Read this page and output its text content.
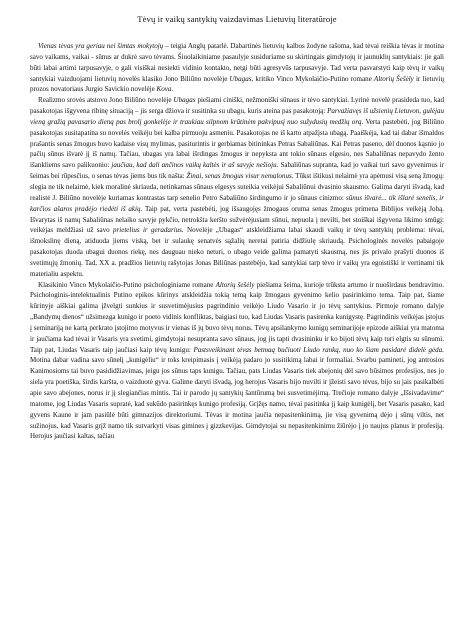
Tėvų ir vaikų santykių vaizdavimas Lietuvių literatūroje

Vienas tėvas yra geriau nei šimtas mokytojų – teigia Anglų patarlė. Dabartinės lietuvių kalbos žodyne rašoma, kad tėvai reiškia tėvas ir motina savo vaikams, vaikai - sūnus ar dukrė savo tėvams. Šiuolaikiniame pasaulyje susiduriame su skirtingais gimdytojų ir jaunuklių santykiais: jie gali būti labai artimi tarpusavyje, o gali visiškai nesiekti vidinio kontakto, netgi būti agresyvūs tarpusavyje. Tad verta pasvarstyti kaip tėvų ir vaikų santykiai vaizduojami lietuvių novelės klasiko Jono Biliūno novelėje Ubagas, kritiko Vinco Mykolaičio-Putino romane Altorių Šešėly ir lietuvių prozos novatoriaus Jurgio Savickio novelėje Kova.

Realizmo srovės atstovo Jono Biliūno novelėje Ubagas piešiami ciniški, nežmoniški sūnaus ir tėvo santykiai. Lyrinė novelė prasideda tuo, kad pasakotojas išgyvena ribinę situaciją – jis serga džiova ir susitinka su ubagu, kuris ateina pas pasakotoją: Parvažiavęs iš užsienių Lietuvon, gulėjau vieną gražią pavasario dieną pas brolį gonkelėje ir traukiau silpnom krūtinėm pakvipusį nuo sužydusių medžių orą. Verta pastebėti, jog Biliūno pasakotojas susitapatina su novelės veikėju bei kalba pirmuoju asmeniu. Pasakotojas ne iš karto atpažįsta ubagą. Paaiškėja, kad tai dabar išmaldos prašantis senas žmogus buvo kadaise visų mylimas, pasiturintis ir gerbiamas bitininkas Petras Sabaliūnas. Kai Petras paseno, dėl duonos kąsnio jo pačių sūnus išvarė jį iš namų. Tačiau, ubagas yra labai išrdingas žmogus ir nepyksta ant tokio sūnaus elgesio, nes Sabaliūnas nepavydo žento išankliems savo palikuonio: jaučiau, kad dali ančinos vaikų kaltės ir aš savyje nešioju. Sabaliūnas supranta, kad jo vaikai turi savo gyvenimus ir šeimas bei rūpesčius, o senas tėvas jiems bus tik našta: Žinai, senas žmogus visur nemalonus. Tūkst ištikusi nelaimė yra apėmusi visą seną žmogų: slegia ne tik nelaimė, kiek moralinė skriauda, netinkamas sūnaus elgesys suteikia veikėjui Sabaliūnui dvasinio skausmo. Galima daryti išvadą, kad realistė J. Biliūno novelėje kuriamas kontrastas tarp senelio Petro Sabaliūno širdingumo ir jo sūnaus cinizmo: sūnus išvarė... tik išlarė senelis, ir karčios ašaros pradėjo riedėti iš akių. Taip pat, verta pastebėti, jog išsaugojęs žmogaus oruma senas žmogus primena Biblijos veikėją Jobą. Išvarytas iš namų Sabaliūnas nelaiko savyje pykčio, netrokšta keršto sužvėrėjusiam sūnui, nepuola į nevilti, bet stoiškai išgyvena likimo smūgį: veikėjas meldžiasi už savo prietelius ir geradarius. Novelėje „Ubagas“ atskleidžiama labai skaudi vaikų ir tėvų santykių problema: tėvai, išmokslinę dieną, atiduoda jiems viską, bet ir sulaukę senatvės sąžalių neretai patiria didžiulę skriaudą. Psichologinės novelės pabaigoje pasakotojas duoda ubagui duonos riekę, nes dauguau nieko neturi, o ubago veide galima pamatyti skausmą, nes jis privalo prašyti duonos iš svetimųjų žmonių. Tad, XX a. pradžios lietuvių rašytojas Jonas Biliūnas pastebėjo, kad santykiai tarp tėvo ir vaikų yra egoistiški ir vertinami tik materialiu aspektu.

Klasikinio Vinco Mykolaičio-Putino psichologiniame romane Altorių šešėly piešiama šeima, kurioje trūksta artumo ir nuoširdaus bendravimo. Psichologinis-intelektualinis Putino epikos kūrinys atskleidžia tokią temą kaip žmogaus gyvenimo kelio pasirinkimo tema. Taip pat, šiame kūrinyje aiškiai galima įžvelgti sunkius ir susvetimėjusius pagrindinio veikėjo Liudo Vasario ir jo tėvų santykius. Pirmoje romano dalyje „Bandymų dienos“ užsimezga kunigo ir poeto vidinis konfliktas, baigiasi tuo, kad Liudas Vasaris pasirenka kunigystę. Pagrindinis veikėjas įstojus į seminariją ne kartą perkrato įstojimo motyvus ir vienas iš jų buvo tėvų norus. Tėvų apsilankymo kunigų seminarijoje epizode aiškiai yra matoma ir jaučiama kad tėvai ir Vasaris yra svetimi, gimdytojai nesupranta savo sūnaus, jog jis tapti dvasininku ir ko bijoti tėvų kaip turi elgtis su sūnumi. Taip pat, Liudas Vasaris taip jaučiasi kaip tėvų kunigu: Pastsveikinant tėvas betmaą bučiuoti Liudo ranką, nuo ko šiam pasidarė didelė gėda. Motina dabar vadina savo sūnelį „kunigėliu“ ir toks kreipimasis į veikėją padaro jo susitikimą labai ir formaliai. Svarbu pamineti, jog antrosios Kanimosioms tai buvo pasididžiavimas, jeigu jos sūnus taps kunigu. Tačiau, pats Liudas Vasaris tiek abejonių dėl savo būsimos profesijos, nes jo siela yra poetiška, širdis karšta, o vaizduotė gyva. Galime daryti išvadą, jog herojus Vasaris bijo nuvilti ir įžeisti savo tėvus, bijo su jais pasikalbėti apie savo abejones, norus ir jį slegiančias mintis. Tai ir parodo jų santykių šantūrumą bei susvetimėjimą. Trečioje romano dalyje „Išsivadavime“ matome, jog Liudas Vasaris supratė, kad sukūdo pasirinkęs kunigo profesiją. Grįžęs namo, tėvai pasitinka jį kaip kunigėlį, bet Vasaris pasako, kad gyvens Kaune ir jam pasiūlė būti gimnazijos direktoriumi. Tėvas ir motina jaučia nepasitenkinimą, jie visą gyvenimą dėjo į sūnų viltis, net sužinojus, kad Vasaris grįž namo tik sutvarkyti visas gimines į gizzkevijas. Gimdytojai su nepasitenkinimu žiūrėjo į jo naujus planus ir profesiją. Herojus jaučiasi kaltas, tačiau
